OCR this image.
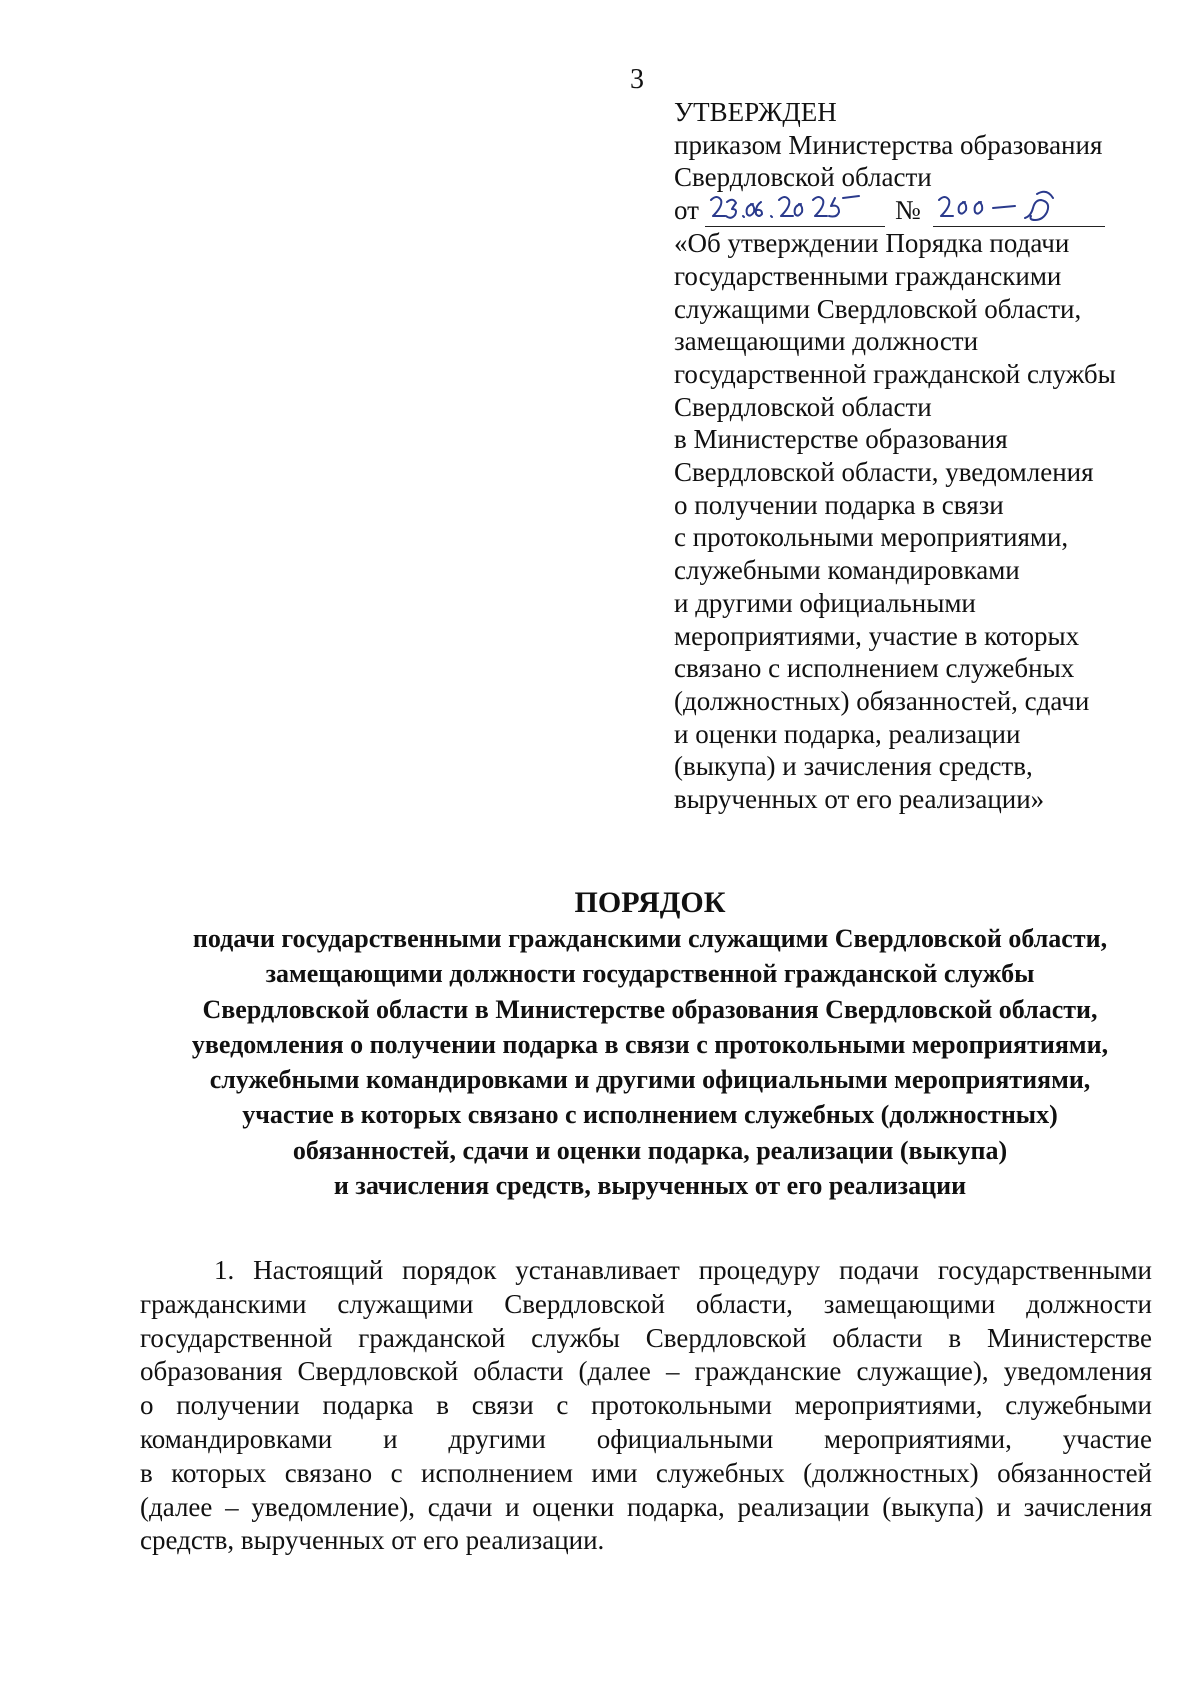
3
УТВЕРЖДЕН
приказом Министерства образования
Свердловской области
от	№
«Об утверждении Порядка подачи
государственными гражданскими
служащими Свердловской области,
замещающими должности
государственной гражданской службы
Свердловской области
в Министерстве образования
Свердловской области, уведомления
о получении подарка в связи
с протокольными мероприятиями,
служебными командировками
и другими официальными
мероприятиями, участие в которых
связано с исполнением служебных
(должностных) обязанностей, сдачи
и оценки подарка, реализации
(выкупа) и зачисления средств,
вырученных от его реализации»
ПОРЯДОК
подачи государственными гражданскими служащими Свердловской области,
замещающими должности государственной гражданской службы
Свердловской области в Министерстве образования Свердловской области,
уведомления о получении подарка в связи с протокольными мероприятиями,
служебными командировками и другими официальными мероприятиями,
участие в которых связано с исполнением служебных (должностных)
обязанностей, сдачи и оценки подарка, реализации (выкупа)
и зачисления средств, вырученных от его реализации
1. Настоящий порядок устанавливает процедуру подачи государственными
гражданскими служащими Свердловской области, замещающими должности
государственной гражданской службы Свердловской области в Министерстве
образования Свердловской области (далее – гражданские служащие), уведомления
о получении подарка в связи с протокольными мероприятиями, служебными
командировками и другими официальными мероприятиями, участие
в которых связано с исполнением ими служебных (должностных) обязанностей
(далее – уведомление), сдачи и оценки подарка, реализации (выкупа) и зачисления
средств, вырученных от его реализации.
